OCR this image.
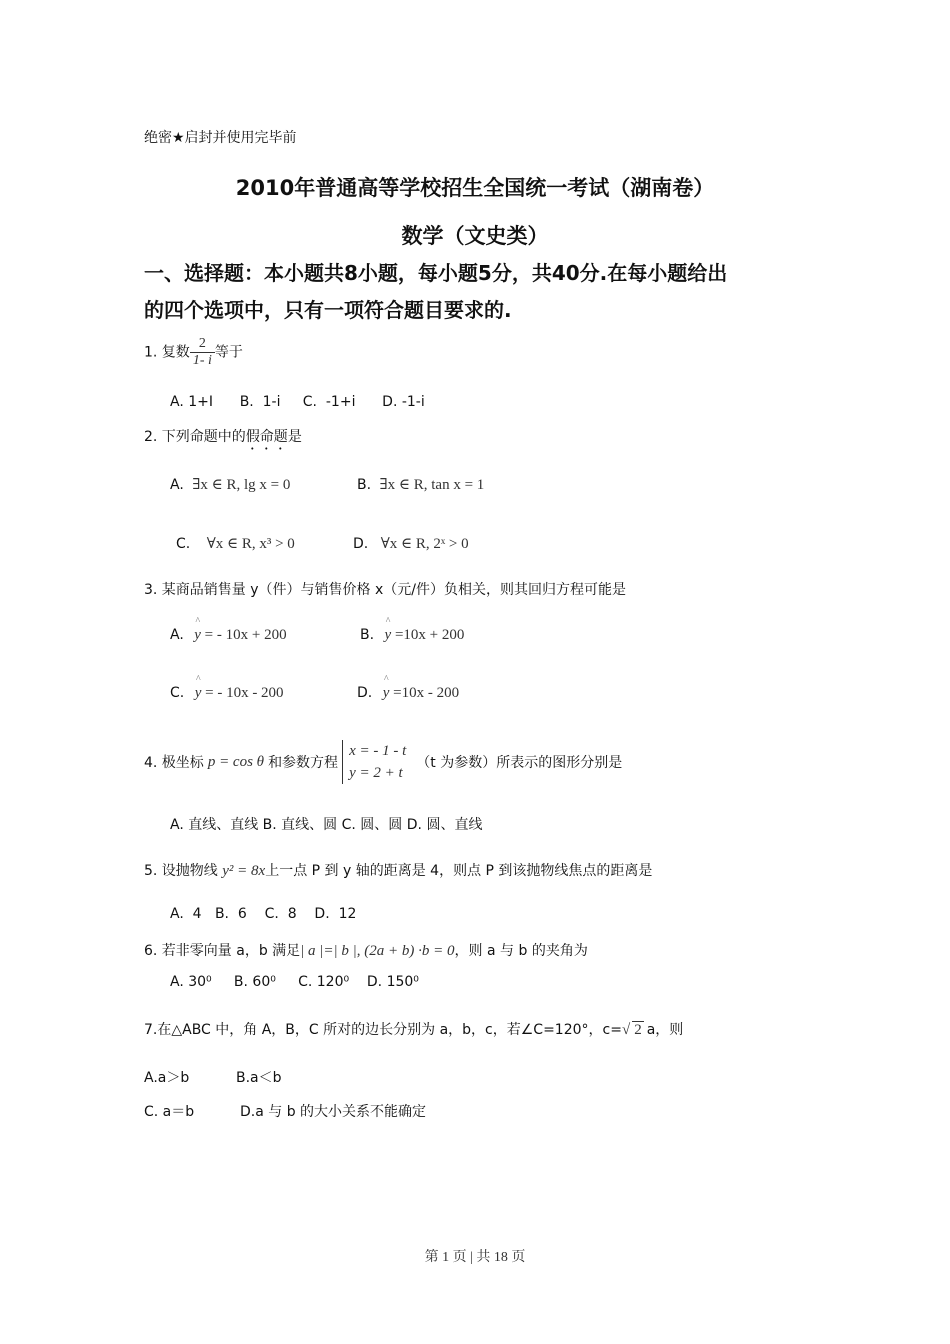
绝密★启封并使用完毕前
2010年普通高等学校招生全国统一考试（湖南卷）
数学（文史类）
一、选择题：本小题共8小题，每小题5分，共40分.在每小题给出
的四个选项中，只有一项符合题目要求的.
1. 复数 $\frac{2}{1- i}$ 等于
A. 1+I      B.  1-i     C.  -1+i      D. -1-i
2. 下列命题中的假命题是
A. ∃x ∈ R, lg x = 0	B. ∃x ∈ R, tan x = 1
C. ∀x ∈ R, x³ > 0	D. ∀x ∈ R, 2ˣ > 0
3. 某商品销售量 y（件）与销售价格 x（元/件）负相关，则其回归方程可能是
A. ^ y = - 10x + 200	B. ^ y =10x + 200
C. ^ y = - 10x - 200	D. ^ y =10x - 200
4. 极坐标 p = cos θ 和参数方程
x = - 1 - t
y = 2 + t
（t 为参数）所表示的图形分别是
A. 直线、直线 B. 直线、圆 C. 圆、圆 D. 圆、直线
5. 设抛物线 y² = 8x上一点 P 到 y 轴的距离是 4，则点 P 到该抛物线焦点的距离是
A.  4   B.  6    C.  8    D.  12
6. 若非零向量 a，b 满足| a |=| b |, (2a + b) ·b = 0，则 a 与 b 的夹角为
A. 30⁰     B. 60⁰     C. 120⁰    D. 150⁰
7.在△ABC 中，角 A，B，C 所对的边长分别为 a，b，c，若∠C=120°，c=√ 2 a，则
A.a＞b	B.a＜b
C. a＝b	D.a 与 b 的大小关系不能确定
第 1 页 | 共 18 页
